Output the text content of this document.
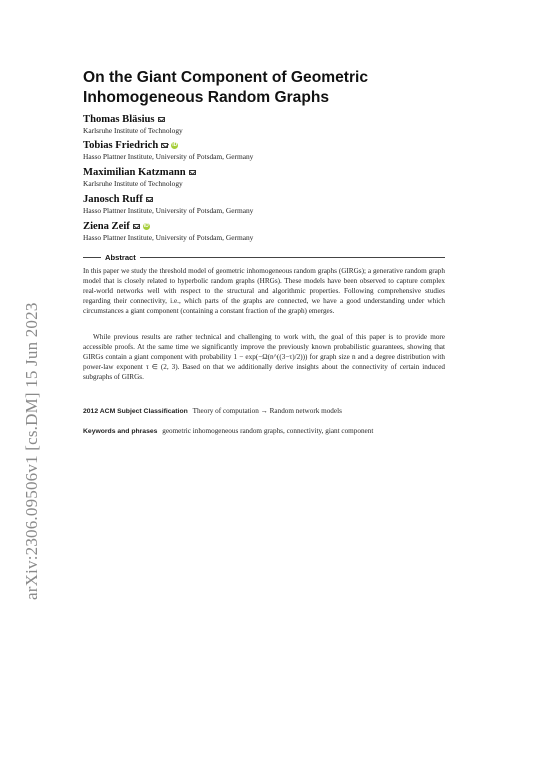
arXiv:2306.09506v1 [cs.DM] 15 Jun 2023
On the Giant Component of Geometric
Inhomogeneous Random Graphs
Thomas Bläsius
Karlsruhe Institute of Technology
Tobias Friedrich	iD
Hasso Plattner Institute, University of Potsdam, Germany
Maximilian Katzmann
Karlsruhe Institute of Technology
Janosch Ruff
Hasso Plattner Institute, University of Potsdam, Germany
Ziena Zeif	iD
Hasso Plattner Institute, University of Potsdam, Germany
Abstract
In this paper we study the threshold model of geometric inhomogeneous random graphs (GIRGs); a generative random graph model that is closely related to hyperbolic random graphs (HRGs). These models have been observed to capture complex real-world networks well with respect to the structural and algorithmic properties. Following comprehensive studies regarding their connectivity, i.e., which parts of the graphs are connected, we have a good understanding under which circumstances a giant component (containing a constant fraction of the graph) emerges.
While previous results are rather technical and challenging to work with, the goal of this paper is to provide more accessible proofs. At the same time we significantly improve the previously known probabilistic guarantees, showing that GIRGs contain a giant component with probability 1 − exp(−Ω(n^((3−τ)/2))) for graph size n and a degree distribution with power-law exponent τ ∈ (2, 3). Based on that we additionally derive insights about the connectivity of certain induced subgraphs of GIRGs.
2012 ACM Subject Classification Theory of computation → Random network models
Keywords and phrases geometric inhomogeneous random graphs, connectivity, giant component
